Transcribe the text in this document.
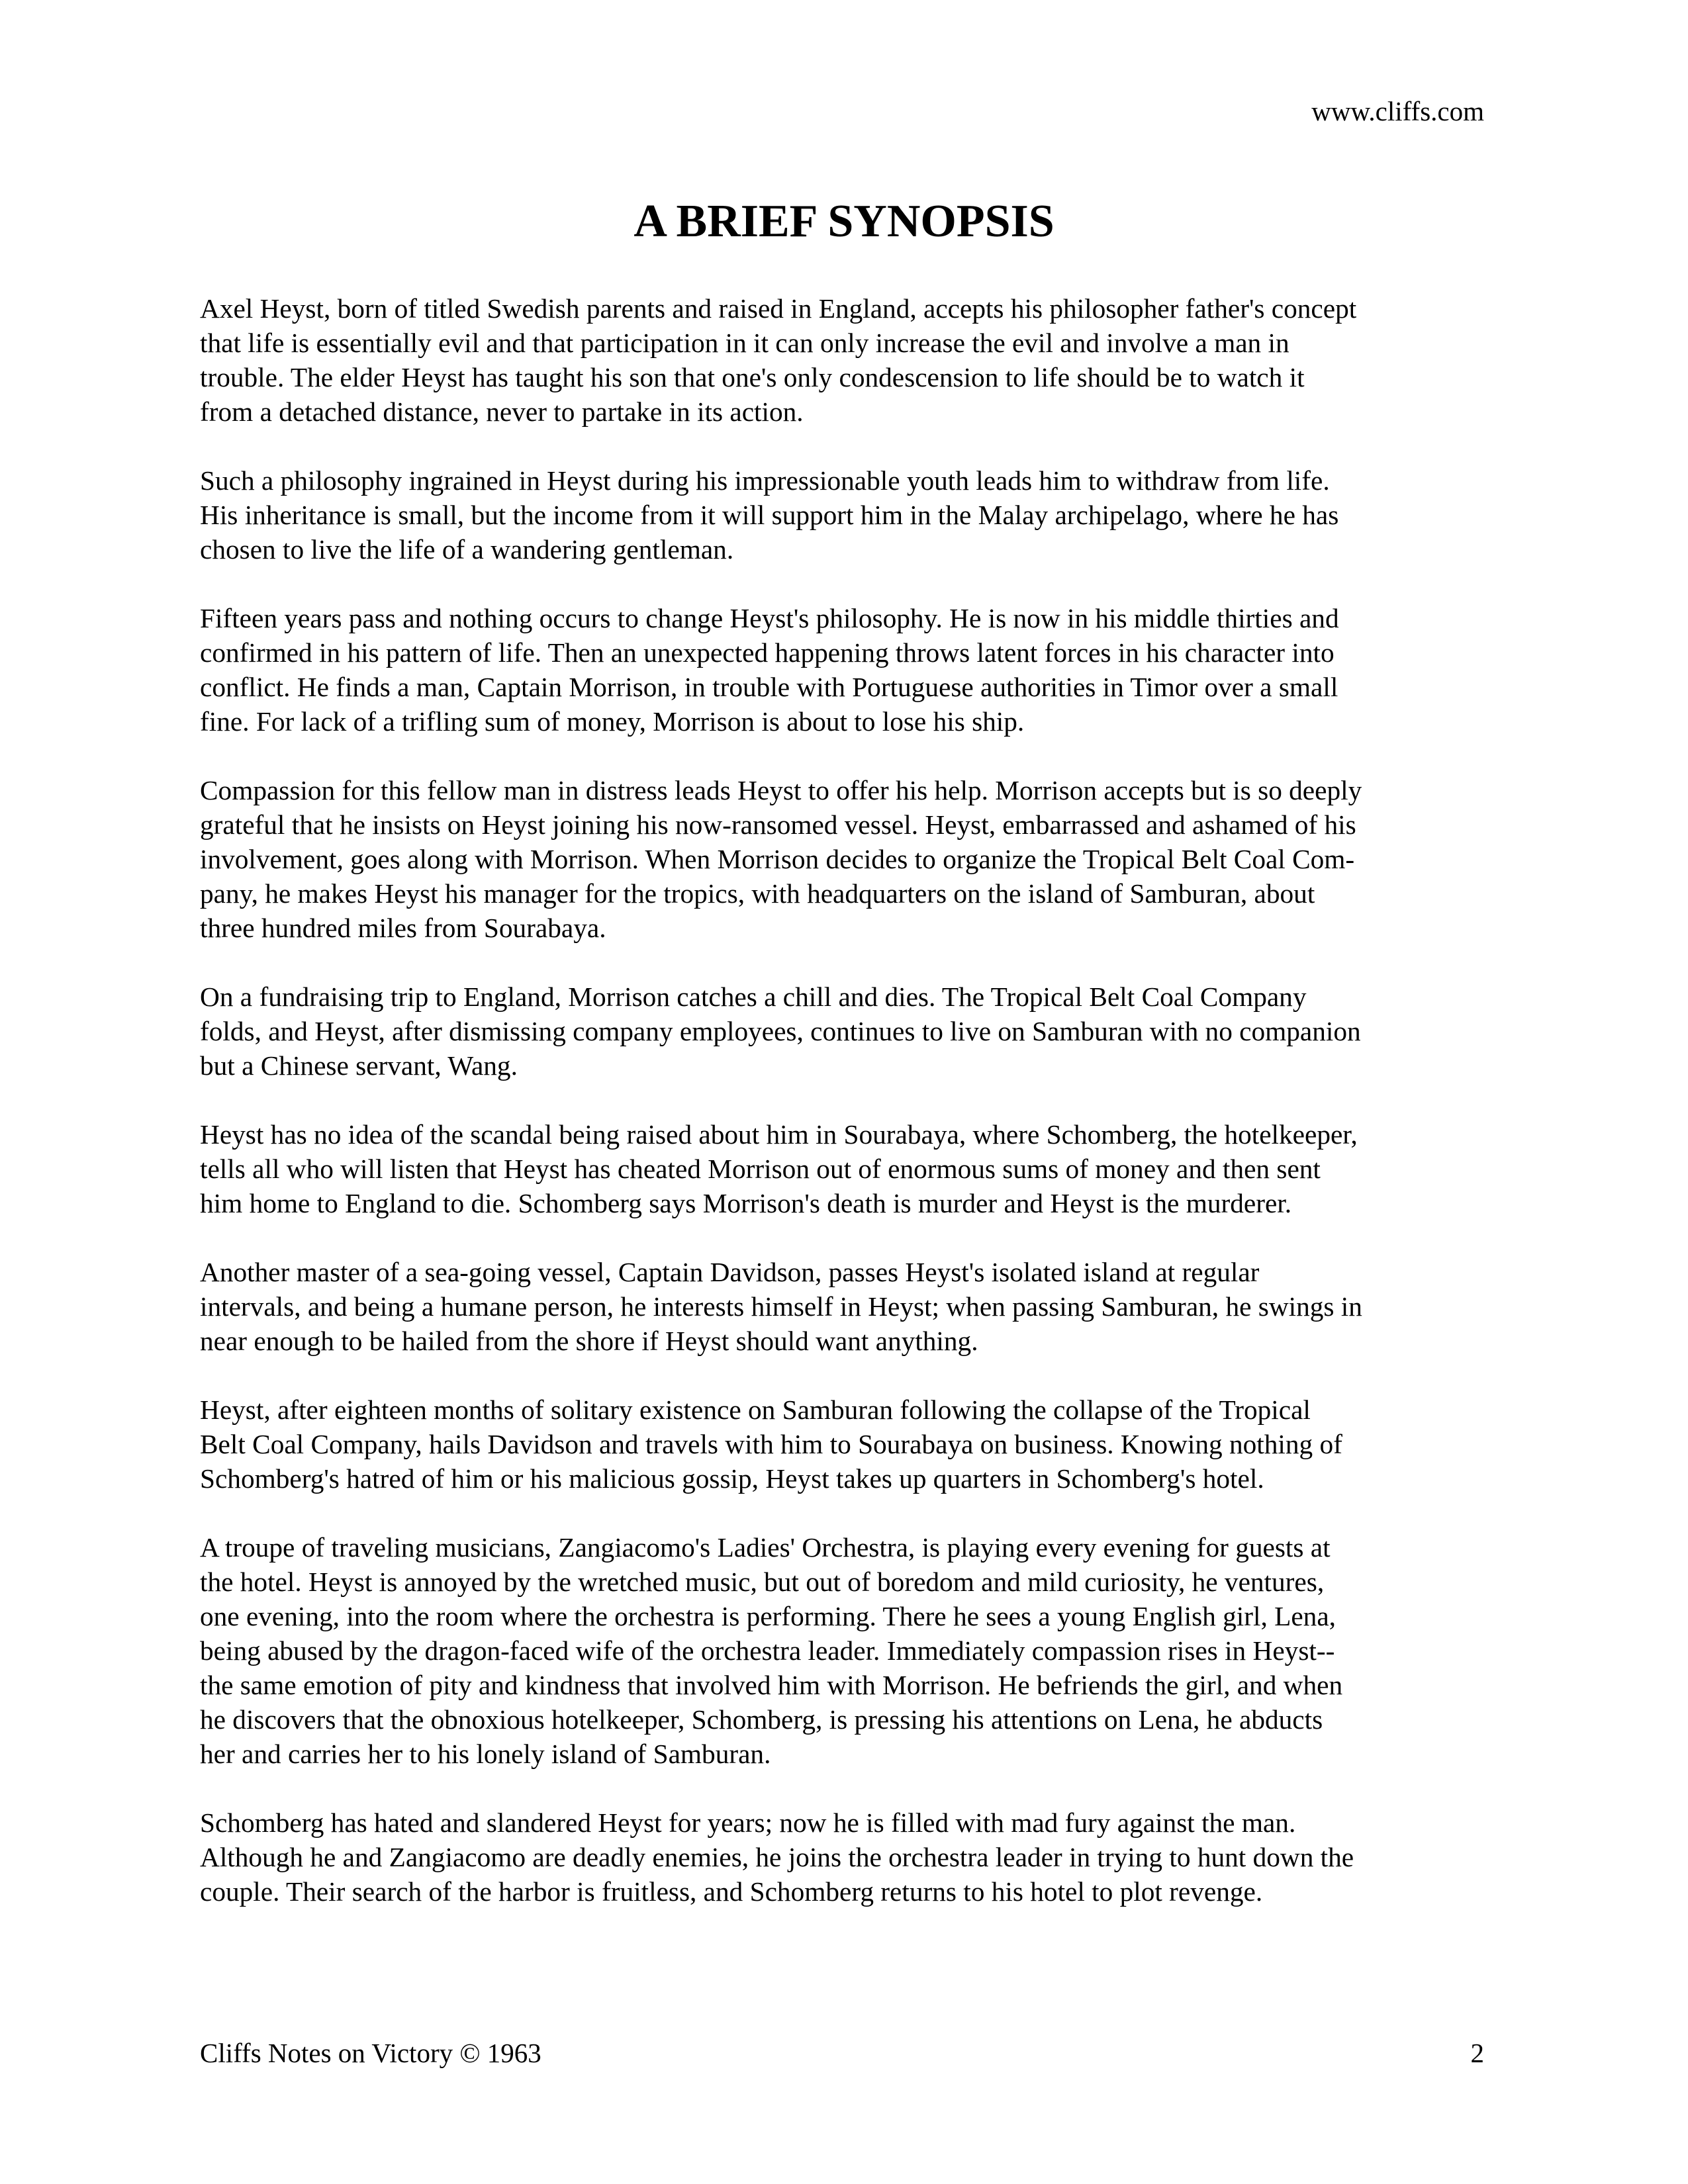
www.cliffs.com
A BRIEF SYNOPSIS

Axel Heyst, born of titled Swedish parents and raised in England, accepts his philosopher father's concept
that life is essentially evil and that participation in it can only increase the evil and involve a man in
trouble. The elder Heyst has taught his son that one's only condescension to life should be to watch it
from a detached distance, never to partake in its action.

Such a philosophy ingrained in Heyst during his impressionable youth leads him to withdraw from life.
His inheritance is small, but the income from it will support him in the Malay archipelago, where he has
chosen to live the life of a wandering gentleman.

Fifteen years pass and nothing occurs to change Heyst's philosophy. He is now in his middle thirties and
confirmed in his pattern of life. Then an unexpected happening throws latent forces in his character into
conflict. He finds a man, Captain Morrison, in trouble with Portuguese authorities in Timor over a small
fine. For lack of a trifling sum of money, Morrison is about to lose his ship.

Compassion for this fellow man in distress leads Heyst to offer his help. Morrison accepts but is so deeply
grateful that he insists on Heyst joining his now-ransomed vessel. Heyst, embarrassed and ashamed of his
involvement, goes along with Morrison. When Morrison decides to organize the Tropical Belt Coal Com-
pany, he makes Heyst his manager for the tropics, with headquarters on the island of Samburan, about
three hundred miles from Sourabaya.

On a fundraising trip to England, Morrison catches a chill and dies. The Tropical Belt Coal Company
folds, and Heyst, after dismissing company employees, continues to live on Samburan with no companion
but a Chinese servant, Wang.

Heyst has no idea of the scandal being raised about him in Sourabaya, where Schomberg, the hotelkeeper,
tells all who will listen that Heyst has cheated Morrison out of enormous sums of money and then sent
him home to England to die. Schomberg says Morrison's death is murder and Heyst is the murderer.

Another master of a sea-going vessel, Captain Davidson, passes Heyst's isolated island at regular
intervals, and being a humane person, he interests himself in Heyst; when passing Samburan, he swings in
near enough to be hailed from the shore if Heyst should want anything.

Heyst, after eighteen months of solitary existence on Samburan following the collapse of the Tropical
Belt Coal Company, hails Davidson and travels with him to Sourabaya on business. Knowing nothing of
Schomberg's hatred of him or his malicious gossip, Heyst takes up quarters in Schomberg's hotel.

A troupe of traveling musicians, Zangiacomo's Ladies' Orchestra, is playing every evening for guests at
the hotel. Heyst is annoyed by the wretched music, but out of boredom and mild curiosity, he ventures,
one evening, into the room where the orchestra is performing. There he sees a young English girl, Lena,
being abused by the dragon-faced wife of the orchestra leader. Immediately compassion rises in Heyst--
the same emotion of pity and kindness that involved him with Morrison. He befriends the girl, and when
he discovers that the obnoxious hotelkeeper, Schomberg, is pressing his attentions on Lena, he abducts
her and carries her to his lonely island of Samburan.

Schomberg has hated and slandered Heyst for years; now he is filled with mad fury against the man.
Although he and Zangiacomo are deadly enemies, he joins the orchestra leader in trying to hunt down the
couple. Their search of the harbor is fruitless, and Schomberg returns to his hotel to plot revenge.

Cliffs Notes on Victory © 1963	2
